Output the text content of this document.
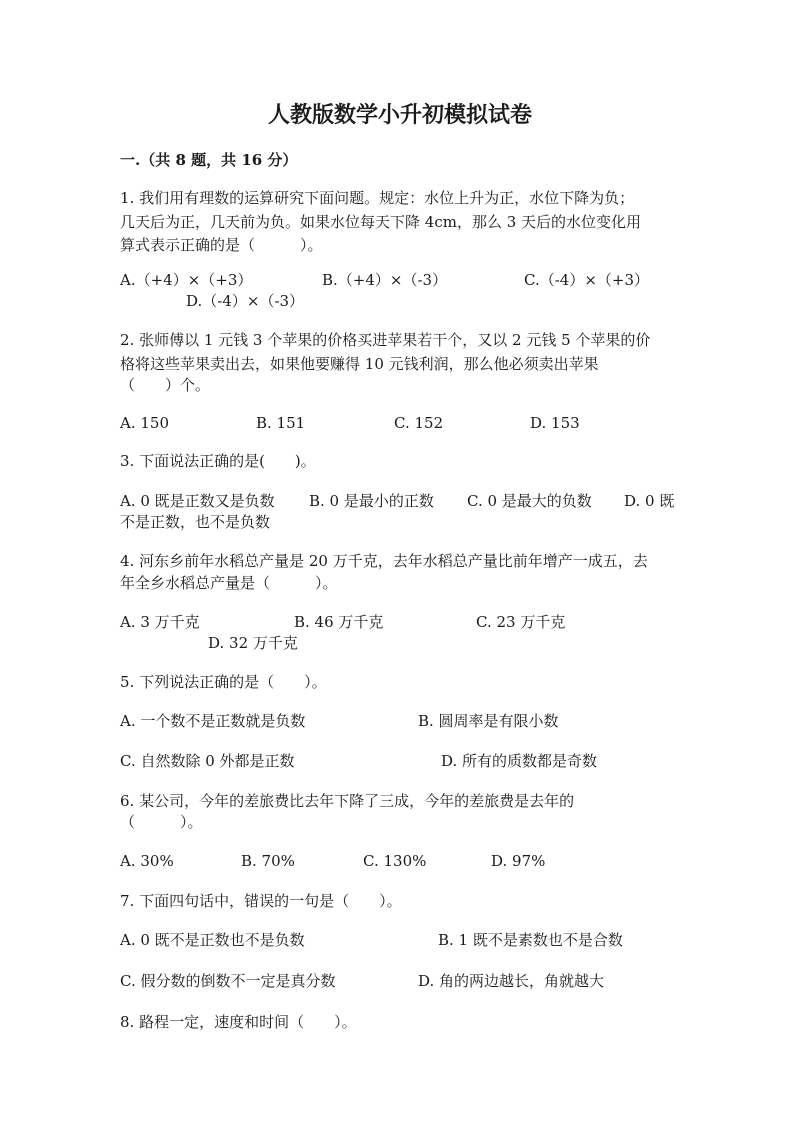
人教版数学小升初模拟试卷
一.（共 8 题，共 16 分）
1. 我们用有理数的运算研究下面问题。规定：水位上升为正，水位下降为负；
几天后为正，几天前为负。如果水位每天下降 4cm，那么 3 天后的水位变化用
算式表示正确的是（　　　）。
A.（+4）×（+3）	B.（+4）×（-3）	C.（-4）×（+3）
D.（-4）×（-3）
2. 张师傅以 1 元钱 3 个苹果的价格买进苹果若干个，又以 2 元钱 5 个苹果的价
格将这些苹果卖出去，如果他要赚得 10 元钱利润，那么他必须卖出苹果
（　　）个。
A. 150	B. 151	C. 152	D. 153
3. 下面说法正确的是(　　)。
A. 0 既是正数又是负数 B. 0 是最小的正数 C. 0 是最大的负数 D. 0 既
不是正数，也不是负数
4. 河东乡前年水稻总产量是 20 万千克，去年水稻总产量比前年增产一成五，去
年全乡水稻总产量是（　　　）。
A. 3 万千克	B. 46 万千克	C. 23 万千克
D. 32 万千克
5. 下列说法正确的是（　　）。
A. 一个数不是正数就是负数	B. 圆周率是有限小数
C. 自然数除 0 外都是正数	D. 所有的质数都是奇数
6. 某公司，今年的差旅费比去年下降了三成，今年的差旅费是去年的
（　　　）。
A. 30%	B. 70%	C. 130%	D. 97%
7. 下面四句话中，错误的一句是（　　）。
A. 0 既不是正数也不是负数	B. 1 既不是素数也不是合数
C. 假分数的倒数不一定是真分数	D. 角的两边越长，角就越大
8. 路程一定，速度和时间（　　）。
